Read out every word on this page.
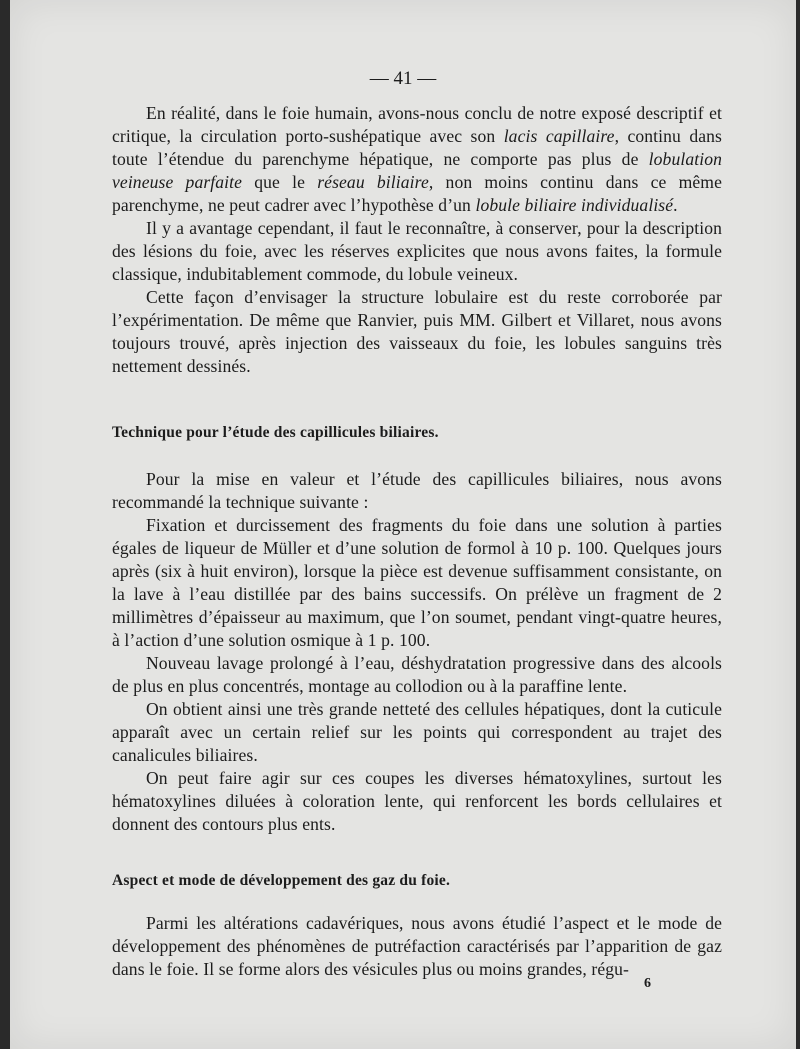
— 41 —

En réalité, dans le foie humain, avons-nous conclu de notre exposé descriptif et critique, la circulation porto-sushépatique avec son lacis capillaire, continu dans toute l’étendue du parenchyme hépatique, ne comporte pas plus de lobulation veineuse parfaite que le réseau biliaire, non moins continu dans ce même parenchyme, ne peut cadrer avec l’hypothèse d’un lobule biliaire individualisé.

Il y a avantage cependant, il faut le reconnaître, à conserver, pour la description des lésions du foie, avec les réserves explicites que nous avons faites, la formule classique, indubitablement commode, du lobule veineux.

Cette façon d’envisager la structure lobulaire est du reste corroborée par l’expérimentation. De même que Ranvier, puis MM. Gilbert et Villaret, nous avons toujours trouvé, après injection des vaisseaux du foie, les lobules sanguins très nettement dessinés.

Technique pour l’étude des capillicules biliaires.

Pour la mise en valeur et l’étude des capillicules biliaires, nous avons recommandé la technique suivante :

Fixation et durcissement des fragments du foie dans une solution à parties égales de liqueur de Müller et d’une solution de formol à 10 p. 100. Quelques jours après (six à huit environ), lorsque la pièce est devenue suffisamment consistante, on la lave à l’eau distillée par des bains successifs. On prélève un fragment de 2 millimètres d’épaisseur au maximum, que l’on soumet, pendant vingt-quatre heures, à l’action d’une solution osmique à 1 p. 100.

Nouveau lavage prolongé à l’eau, déshydratation progressive dans des alcools de plus en plus concentrés, montage au collodion ou à la paraffine lente.

On obtient ainsi une très grande netteté des cellules hépatiques, dont la cuticule apparaît avec un certain relief sur les points qui correspondent au trajet des canalicules biliaires.

On peut faire agir sur ces coupes les diverses hématoxylines, surtout les hématoxylines diluées à coloration lente, qui renforcent les bords cellulaires et donnent des contours plus ents.

Aspect et mode de développement des gaz du foie.

Parmi les altérations cadavériques, nous avons étudié l’aspect et le mode de développement des phénomènes de putréfaction caractérisés par l’apparition de gaz dans le foie. Il se forme alors des vésicules plus ou moins grandes, régu-

6
